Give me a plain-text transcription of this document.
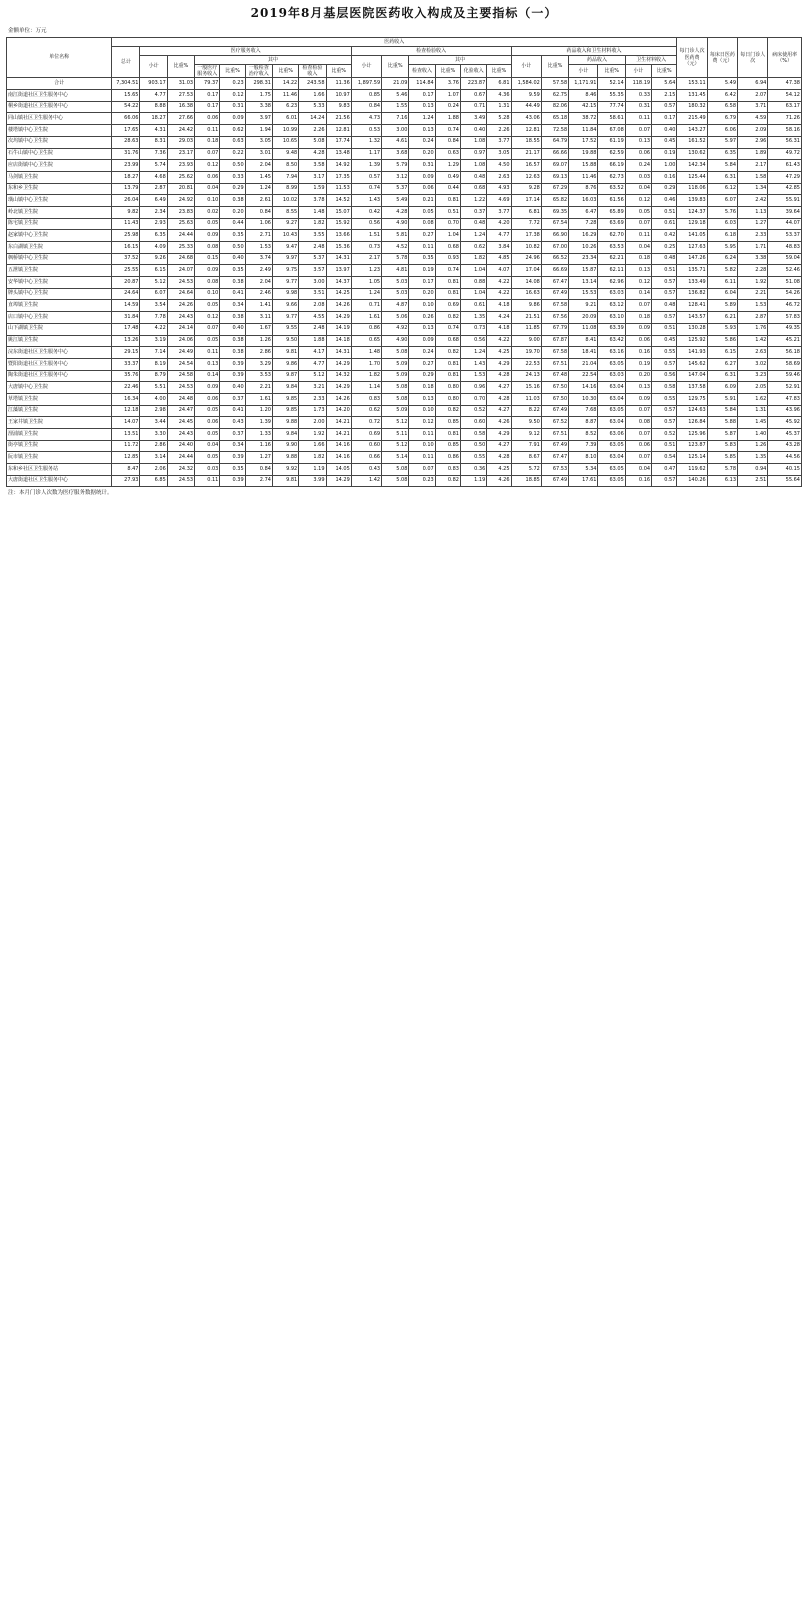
2019年8月基层医院医药收入构成及主要指标（一）
金额单位：万元
单位名称	医药收入																					每门诊人次医药费（元）	每床日医药费（元）	每日门诊人次	病床使用率（%）
	总计	医疗服务收入								检查检验收入						药品收入和卫生材料收入									
		小计	比重%	其中						小计	比重%	其中				小计	比重%	药品收入		卫生材料收入					
				一般医疗服务收入	比重%	一般检查治疗收入	比重%	检查检验收入	比重%			检查收入	比重%	化验收入	比重%			小计	比重%	小计	比重%				
合计	7,304.51	903.17	31.03	79.37	0.23	298.31	14.22	243.58	11.36	1,897.59	21.09	114.84	3.76	223.87	6.81	1,584.02	57.58	1,171.91	52.14	118.19	5.64	153.11	5.49	6.94	47.38
南江街道社区卫生服务中心	15.65	4.77	27.53	0.17	0.12	1.75	11.46	1.66	10.97	0.85	5.46	0.17	1.07	0.67	4.36	9.59	62.75	8.46	55.35	0.33	2.15	131.45	6.42	2.07	54.12
桐乡街道社区卫生服务中心	54.22	8.88	16.38	0.17	0.31	3.38	6.23	5.33	9.83	0.84	1.55	0.13	0.24	0.71	1.31	44.49	82.06	42.15	77.74	0.31	0.57	180.32	6.58	3.71	63.17
同山镇社区卫生服务中心	66.06	18.27	27.66	0.06	0.09	3.97	6.01	14.24	21.56	4.73	7.16	1.24	1.88	3.49	5.28	43.06	65.18	38.72	58.61	0.11	0.17	215.49	6.79	4.59	71.26
楼塔镇中心卫生院	17.65	4.31	24.42	0.11	0.62	1.94	10.99	2.26	12.81	0.53	3.00	0.13	0.74	0.40	2.26	12.81	72.58	11.84	67.08	0.07	0.40	143.27	6.06	2.09	58.16
次坞镇中心卫生院	28.63	8.31	29.03	0.18	0.63	3.05	10.65	5.08	17.74	1.32	4.61	0.24	0.84	1.08	3.77	18.55	64.79	17.52	61.19	0.13	0.45	161.52	5.97	2.96	56.31
石牛山镇中心卫生院	31.76	7.36	23.17	0.07	0.22	3.01	9.48	4.28	13.48	1.17	3.68	0.20	0.63	0.97	3.05	21.17	66.66	19.88	62.59	0.06	0.19	130.62	6.35	1.89	49.72
应店街镇中心卫生院	23.99	5.74	23.93	0.12	0.50	2.04	8.50	3.58	14.92	1.39	5.79	0.31	1.29	1.08	4.50	16.57	69.07	15.88	66.19	0.24	1.00	142.34	5.84	2.17	61.43
马剑镇卫生院	18.27	4.68	25.62	0.06	0.33	1.45	7.94	3.17	17.35	0.57	3.12	0.09	0.49	0.48	2.63	12.63	69.13	11.46	62.73	0.03	0.16	125.44	6.31	1.58	47.29
东和乡卫生院	13.79	2.87	20.81	0.04	0.29	1.24	8.99	1.59	11.53	0.74	5.37	0.06	0.44	0.68	4.93	9.28	67.29	8.76	63.52	0.04	0.29	118.06	6.12	1.34	42.85
璜山镇中心卫生院	26.04	6.49	24.92	0.10	0.38	2.61	10.02	3.78	14.52	1.43	5.49	0.21	0.81	1.22	4.69	17.14	65.82	16.03	61.56	0.12	0.46	139.83	6.07	2.42	55.91
岭北镇卫生院	9.82	2.34	23.83	0.02	0.20	0.84	8.55	1.48	15.07	0.42	4.28	0.05	0.51	0.37	3.77	6.81	69.35	6.47	65.89	0.05	0.51	124.37	5.76	1.13	39.64
陈宅镇卫生院	11.43	2.93	25.63	0.05	0.44	1.06	9.27	1.82	15.92	0.56	4.90	0.08	0.70	0.48	4.20	7.72	67.54	7.28	63.69	0.07	0.61	129.18	6.03	1.27	44.07
赵家镇中心卫生院	25.98	6.35	24.44	0.09	0.35	2.71	10.43	3.55	13.66	1.51	5.81	0.27	1.04	1.24	4.77	17.38	66.90	16.29	62.70	0.11	0.42	141.05	6.18	2.33	53.37
东白湖镇卫生院	16.15	4.09	25.33	0.08	0.50	1.53	9.47	2.48	15.36	0.73	4.52	0.11	0.68	0.62	3.84	10.82	67.00	10.26	63.53	0.04	0.25	127.63	5.95	1.71	48.83
枫桥镇中心卫生院	37.52	9.26	24.68	0.15	0.40	3.74	9.97	5.37	14.31	2.17	5.78	0.35	0.93	1.82	4.85	24.96	66.52	23.34	62.21	0.18	0.48	147.26	6.24	3.38	59.04
五泄镇卫生院	25.55	6.15	24.07	0.09	0.35	2.49	9.75	3.57	13.97	1.23	4.81	0.19	0.74	1.04	4.07	17.04	66.69	15.87	62.11	0.13	0.51	135.71	5.82	2.28	52.46
安华镇中心卫生院	20.87	5.12	24.53	0.08	0.38	2.04	9.77	3.00	14.37	1.05	5.03	0.17	0.81	0.88	4.22	14.08	67.47	13.14	62.96	0.12	0.57	133.49	6.11	1.92	51.08
牌头镇中心卫生院	24.64	6.07	24.64	0.10	0.41	2.46	9.98	3.51	14.25	1.24	5.03	0.20	0.81	1.04	4.22	16.63	67.49	15.53	63.03	0.14	0.57	136.82	6.04	2.21	54.26
直埠镇卫生院	14.59	3.54	24.26	0.05	0.34	1.41	9.66	2.08	14.26	0.71	4.87	0.10	0.69	0.61	4.18	9.86	67.58	9.21	63.12	0.07	0.48	128.41	5.89	1.53	46.72
店口镇中心卫生院	31.84	7.78	24.43	0.12	0.38	3.11	9.77	4.55	14.29	1.61	5.06	0.26	0.82	1.35	4.24	21.51	67.56	20.09	63.10	0.18	0.57	143.57	6.21	2.87	57.83
山下湖镇卫生院	17.48	4.22	24.14	0.07	0.40	1.67	9.55	2.48	14.19	0.86	4.92	0.13	0.74	0.73	4.18	11.85	67.79	11.08	63.39	0.09	0.51	130.28	5.93	1.76	49.35
姚江镇卫生院	13.26	3.19	24.06	0.05	0.38	1.26	9.50	1.88	14.18	0.65	4.90	0.09	0.68	0.56	4.22	9.00	67.87	8.41	63.42	0.06	0.45	125.92	5.86	1.42	45.21
浣东街道社区卫生服务中心	29.15	7.14	24.49	0.11	0.38	2.86	9.81	4.17	14.31	1.48	5.08	0.24	0.82	1.24	4.25	19.70	67.58	18.41	63.16	0.16	0.55	141.93	6.15	2.63	56.18
暨阳街道社区卫生服务中心	33.37	8.19	24.54	0.13	0.39	3.29	9.86	4.77	14.29	1.70	5.09	0.27	0.81	1.43	4.29	22.53	67.51	21.04	63.05	0.19	0.57	145.62	6.27	3.02	58.69
陶朱街道社区卫生服务中心	35.76	8.79	24.58	0.14	0.39	3.53	9.87	5.12	14.32	1.82	5.09	0.29	0.81	1.53	4.28	24.13	67.48	22.54	63.03	0.20	0.56	147.04	6.31	3.23	59.46
大唐镇中心卫生院	22.46	5.51	24.53	0.09	0.40	2.21	9.84	3.21	14.29	1.14	5.08	0.18	0.80	0.96	4.27	15.16	67.50	14.16	63.04	0.13	0.58	137.58	6.09	2.05	52.91
草塔镇卫生院	16.34	4.00	24.48	0.06	0.37	1.61	9.85	2.33	14.26	0.83	5.08	0.13	0.80	0.70	4.28	11.03	67.50	10.30	63.04	0.09	0.55	129.75	5.91	1.62	47.83
江藻镇卫生院	12.18	2.98	24.47	0.05	0.41	1.20	9.85	1.73	14.20	0.62	5.09	0.10	0.82	0.52	4.27	8.22	67.49	7.68	63.05	0.07	0.57	124.63	5.84	1.31	43.96
王家井镇卫生院	14.07	3.44	24.45	0.06	0.43	1.39	9.88	2.00	14.21	0.72	5.12	0.12	0.85	0.60	4.26	9.50	67.52	8.87	63.04	0.08	0.57	126.84	5.88	1.45	45.92
浬浦镇卫生院	13.51	3.30	24.43	0.05	0.37	1.33	9.84	1.92	14.21	0.69	5.11	0.11	0.81	0.58	4.29	9.12	67.51	8.52	63.06	0.07	0.52	125.96	5.87	1.40	45.37
街亭镇卫生院	11.72	2.86	24.40	0.04	0.34	1.16	9.90	1.66	14.16	0.60	5.12	0.10	0.85	0.50	4.27	7.91	67.49	7.39	63.05	0.06	0.51	123.87	5.83	1.26	43.28
阮市镇卫生院	12.85	3.14	24.44	0.05	0.39	1.27	9.88	1.82	14.16	0.66	5.14	0.11	0.86	0.55	4.28	8.67	67.47	8.10	63.04	0.07	0.54	125.14	5.85	1.35	44.56
东和乡社区卫生服务站	8.47	2.06	24.32	0.03	0.35	0.84	9.92	1.19	14.05	0.43	5.08	0.07	0.83	0.36	4.25	5.72	67.53	5.34	63.05	0.04	0.47	119.62	5.78	0.94	40.15
大唐街道社区卫生服务中心	27.93	6.85	24.53	0.11	0.39	2.74	9.81	3.99	14.29	1.42	5.08	0.23	0.82	1.19	4.26	18.85	67.49	17.61	63.05	0.16	0.57	140.26	6.13	2.51	55.64
注：本月门诊人次数为医疗服务数据统计。
